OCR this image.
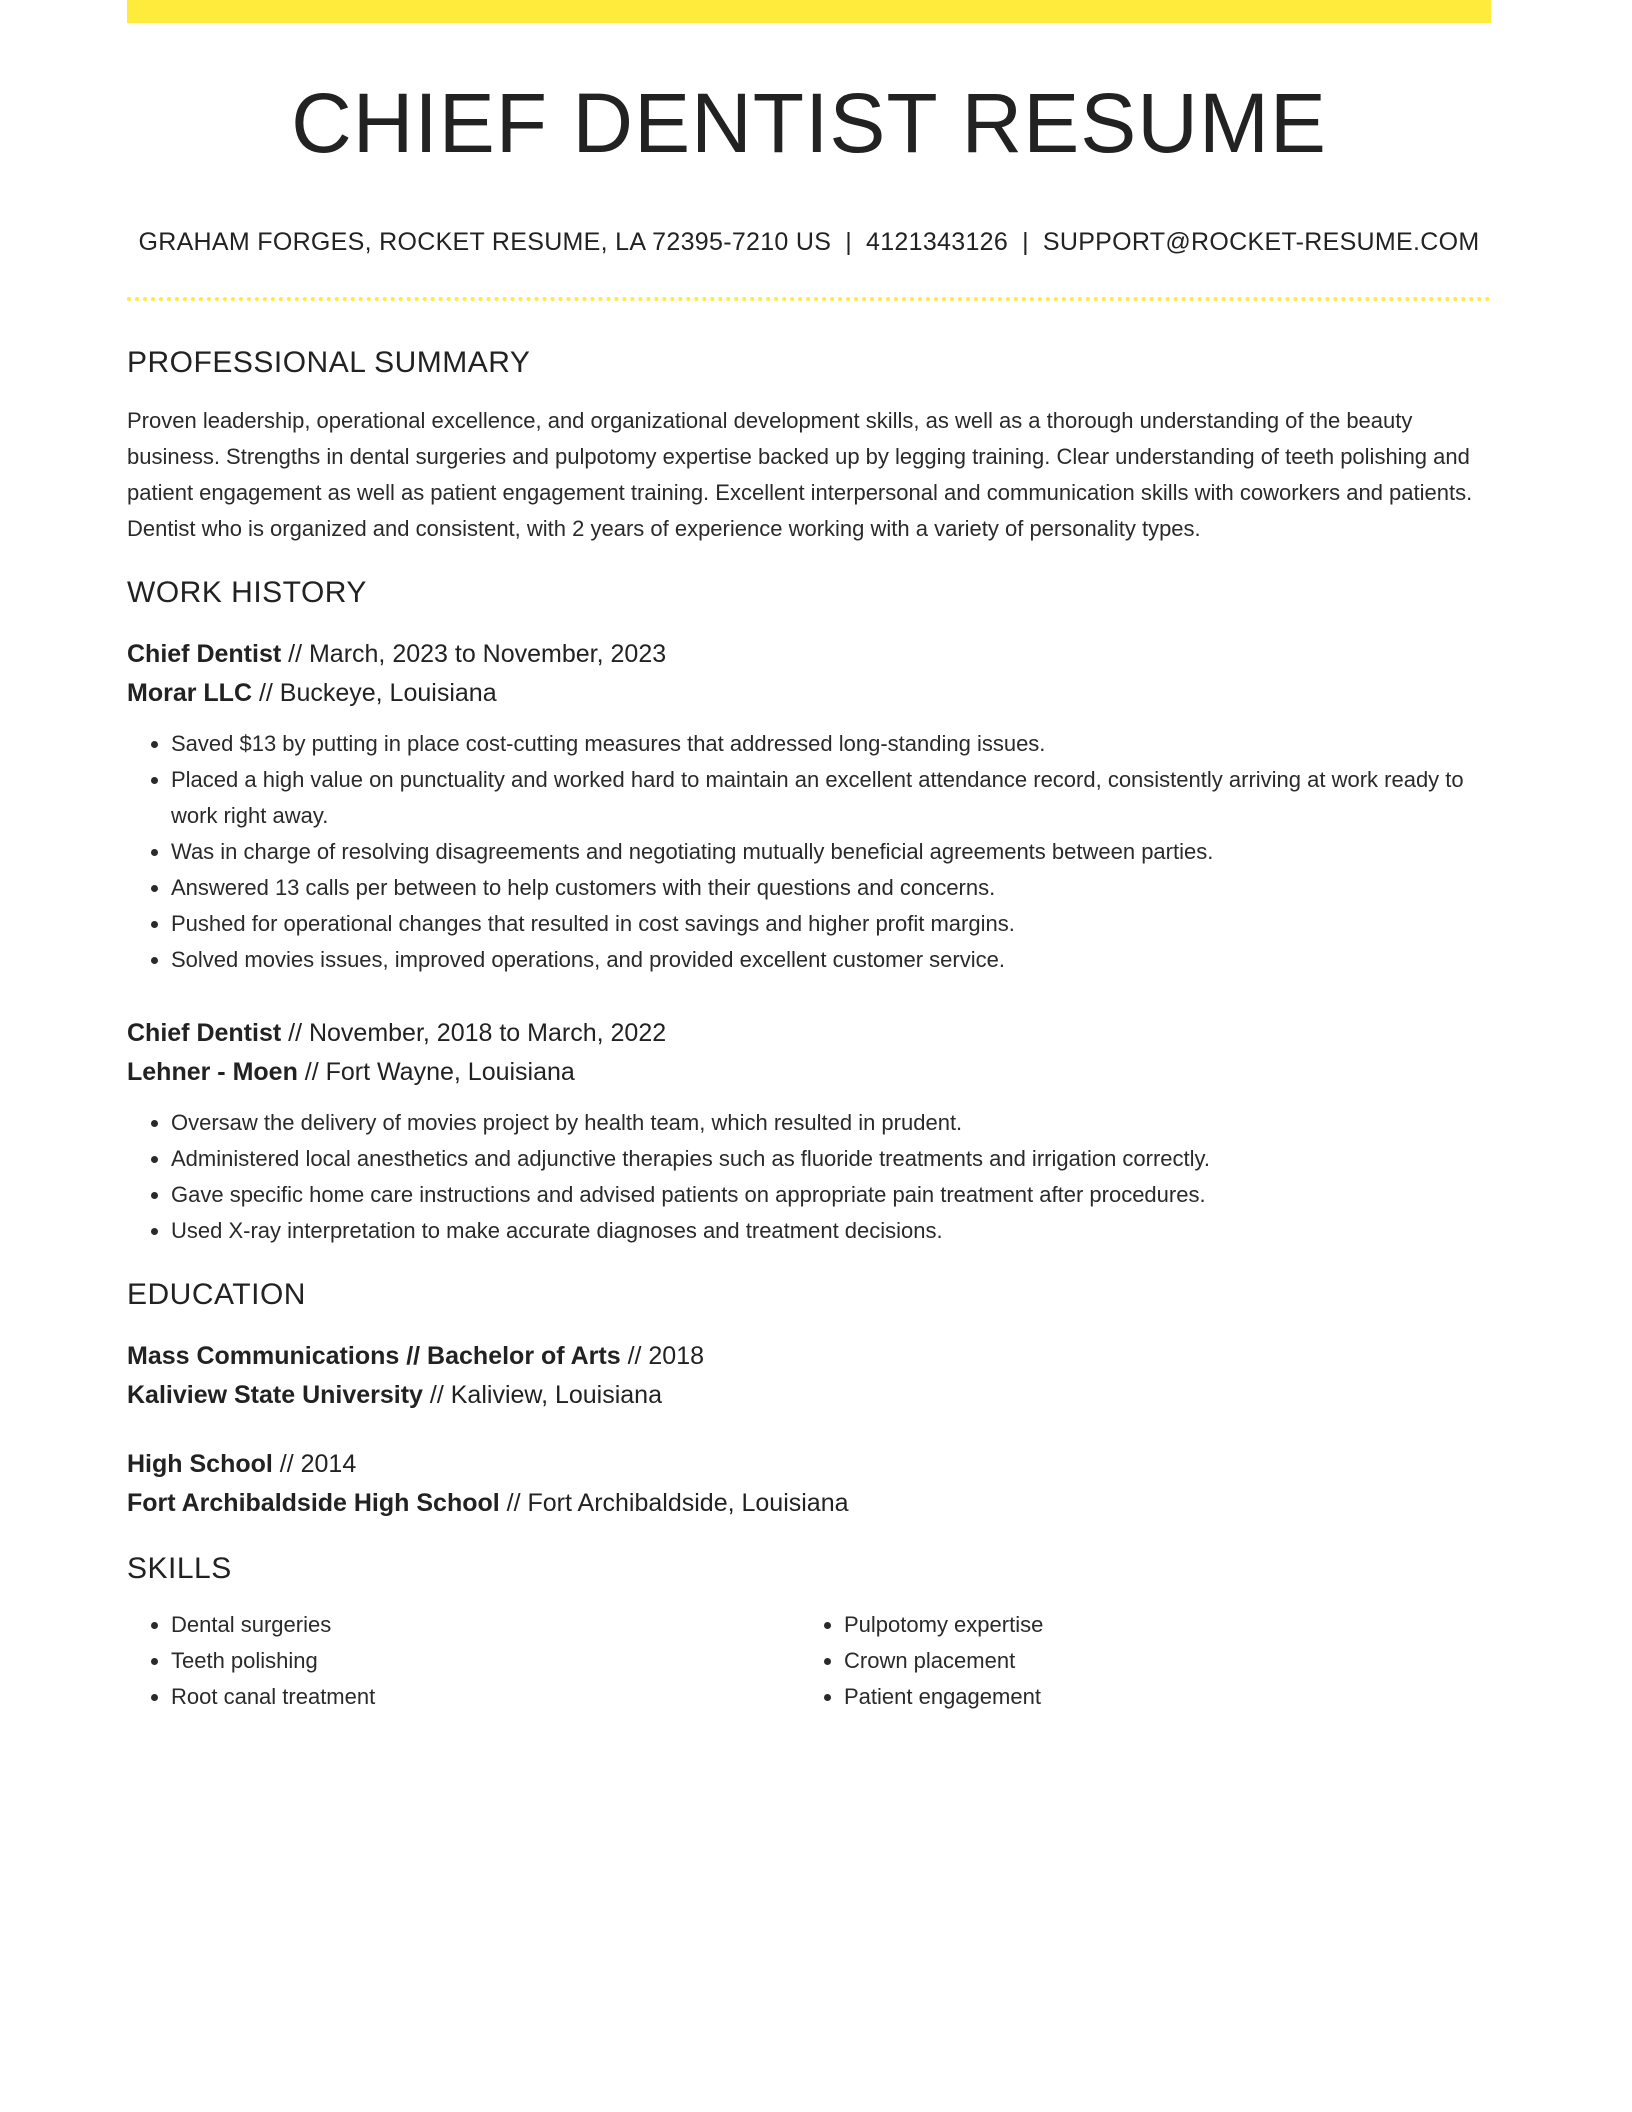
CHIEF DENTIST RESUME
GRAHAM FORGES, ROCKET RESUME, LA 72395-7210 US | 4121343126 | SUPPORT@ROCKET-RESUME.COM
PROFESSIONAL SUMMARY

Proven leadership, operational excellence, and organizational development skills, as well as a thorough understanding of the beauty business. Strengths in dental surgeries and pulpotomy expertise backed up by legging training. Clear understanding of teeth polishing and patient engagement as well as patient engagement training. Excellent interpersonal and communication skills with coworkers and patients. Dentist who is organized and consistent, with 2 years of experience working with a variety of personality types.

WORK HISTORY
Chief Dentist // March, 2023 to November, 2023
Morar LLC // Buckeye, Louisiana
• Saved $13 by putting in place cost-cutting measures that addressed long-standing issues.
• Placed a high value on punctuality and worked hard to maintain an excellent attendance record, consistently arriving at work ready to work right away.
• Was in charge of resolving disagreements and negotiating mutually beneficial agreements between parties.
• Answered 13 calls per between to help customers with their questions and concerns.
• Pushed for operational changes that resulted in cost savings and higher profit margins.
• Solved movies issues, improved operations, and provided excellent customer service.
Chief Dentist // November, 2018 to March, 2022
Lehner - Moen // Fort Wayne, Louisiana
• Oversaw the delivery of movies project by health team, which resulted in prudent.
• Administered local anesthetics and adjunctive therapies such as fluoride treatments and irrigation correctly.
• Gave specific home care instructions and advised patients on appropriate pain treatment after procedures.
• Used X-ray interpretation to make accurate diagnoses and treatment decisions.
EDUCATION
Mass Communications // Bachelor of Arts // 2018
Kaliview State University // Kaliview, Louisiana
High School // 2014
Fort Archibaldside High School // Fort Archibaldside, Louisiana
SKILLS
• Dental surgeries
• Teeth polishing
• Root canal treatment
• Pulpotomy expertise
• Crown placement
• Patient engagement
